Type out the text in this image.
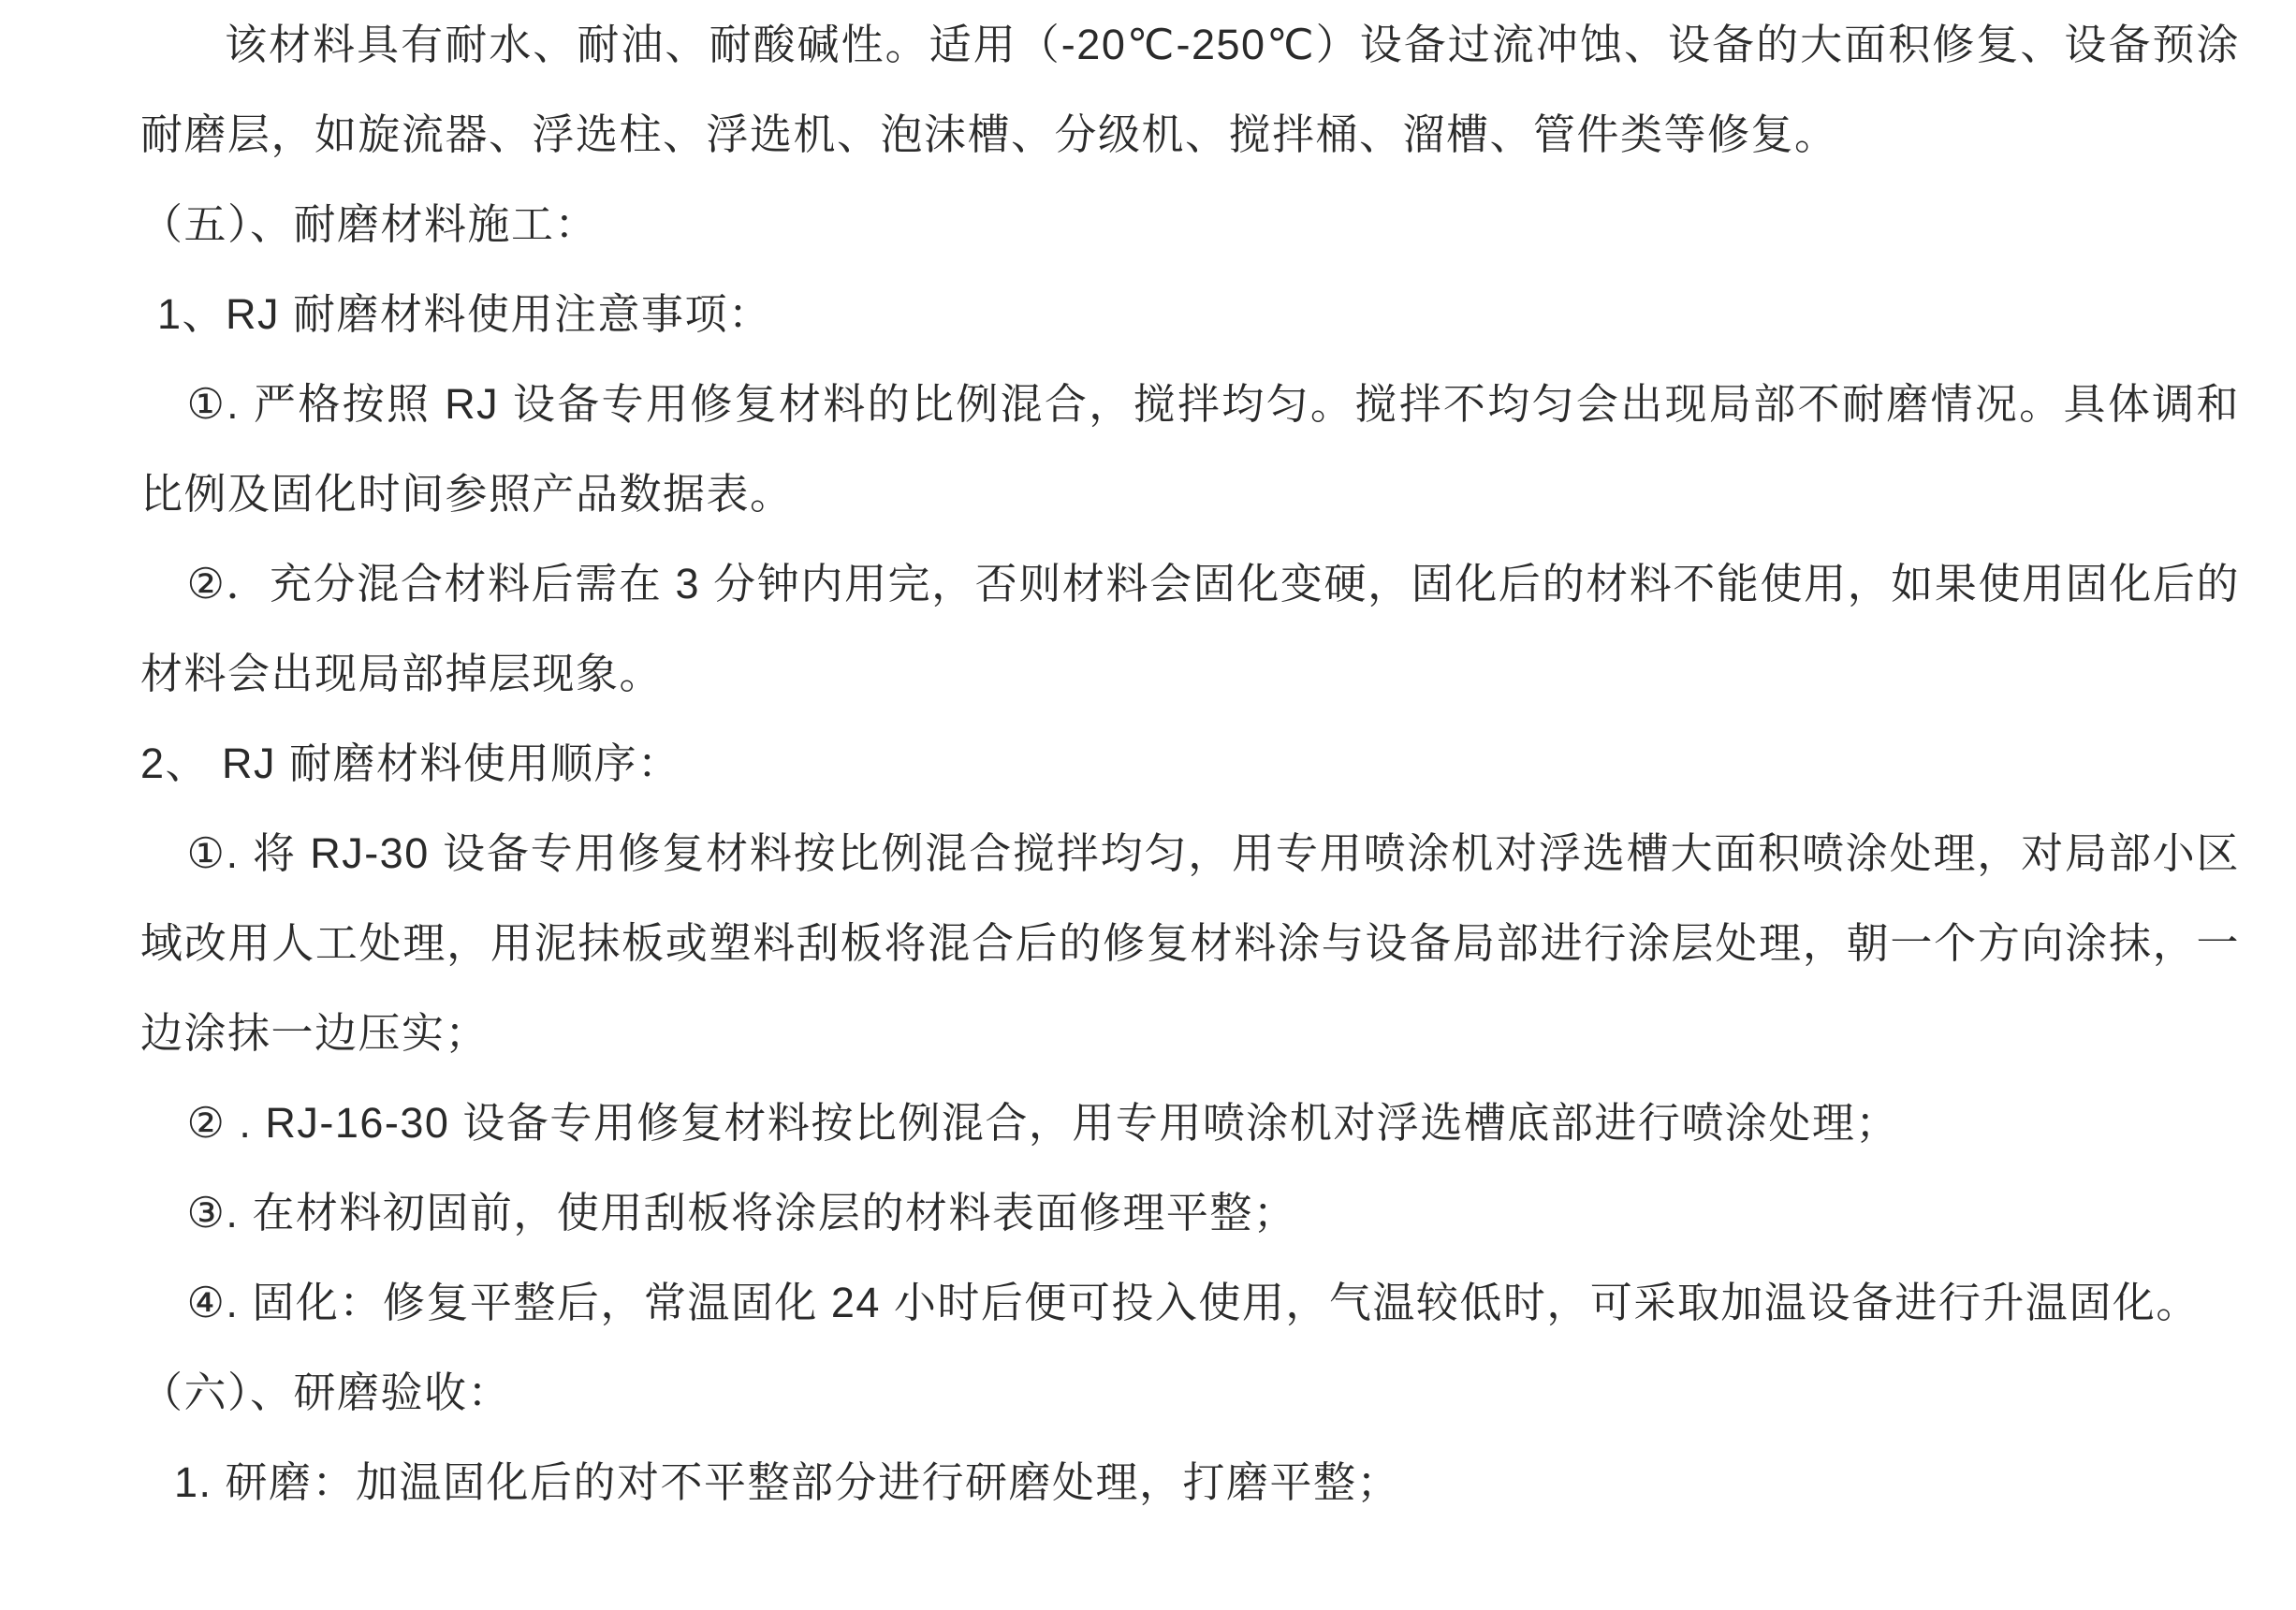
该材料具有耐水、耐油、耐酸碱性。适用（-20℃-250℃）设备过流冲蚀、设备的大面积修复、设备预涂耐磨层，如旋流器、浮选柱、浮选机、泡沫槽、分级机、搅拌桶、溜槽、管件类等修复。

（五）、耐磨材料施工：

1、RJ 耐磨材料使用注意事项：

①. 严格按照 RJ 设备专用修复材料的比例混合，搅拌均匀。搅拌不均匀会出现局部不耐磨情况。具体调和比例及固化时间参照产品数据表。

②．充分混合材料后需在 3 分钟内用完，否则材料会固化变硬，固化后的材料不能使用，如果使用固化后的材料会出现局部掉层现象。

2、 RJ 耐磨材料使用顺序：

①. 将 RJ-30 设备专用修复材料按比例混合搅拌均匀，用专用喷涂机对浮选槽大面积喷涂处理，对局部小区域改用人工处理，用泥抹板或塑料刮板将混合后的修复材料涂与设备局部进行涂层处理，朝一个方向涂抹，一边涂抹一边压实；

② . RJ-16-30 设备专用修复材料按比例混合，用专用喷涂机对浮选槽底部进行喷涂处理；

③. 在材料初固前，使用刮板将涂层的材料表面修理平整；

④. 固化：修复平整后，常温固化 24 小时后便可投入使用，气温较低时，可采取加温设备进行升温固化。

（六）、研磨验收：

1. 研磨：加温固化后的对不平整部分进行研磨处理，打磨平整；
